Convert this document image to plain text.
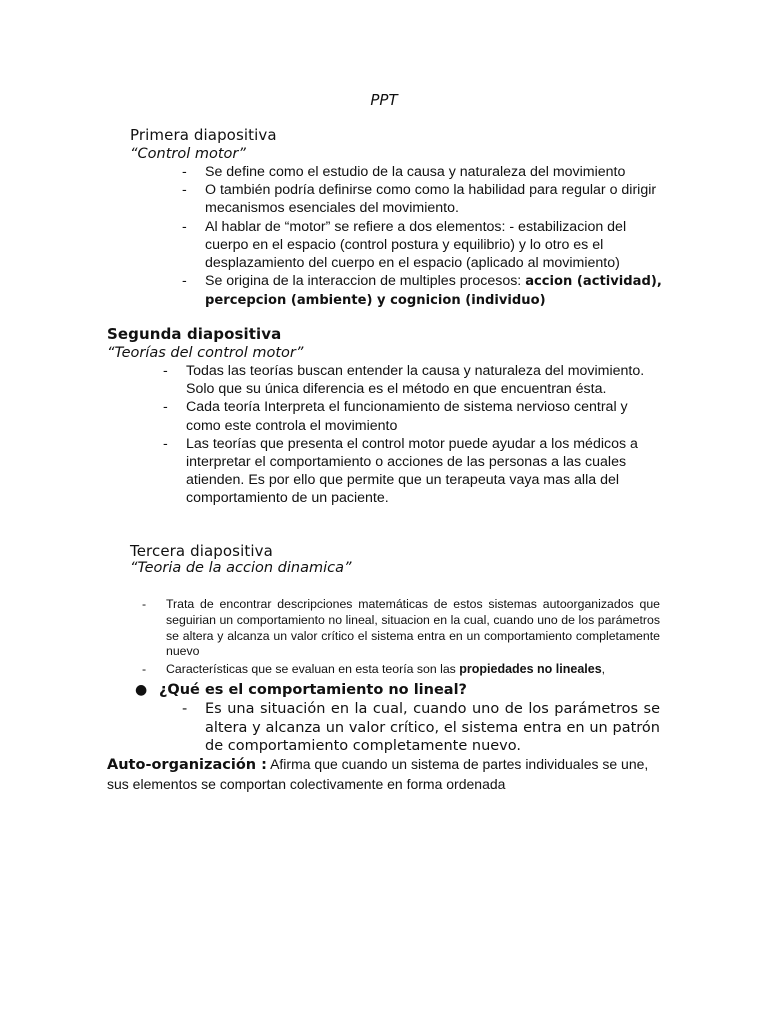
PPT
Primera diapositiva
“Control motor”
- Se define como el estudio de la causa y naturaleza del movimiento
- O también podría definirse como como la habilidad para regular o dirigir mecanismos esenciales del movimiento.
- Al hablar de “motor” se refiere a dos elementos: - estabilizacion del cuerpo en el espacio (control postura y equilibrio) y lo otro es el desplazamiento del cuerpo en el espacio (aplicado al movimiento)
- Se origina de la interaccion de multiples procesos: accion (actividad), percepcion (ambiente) y cognicion (individuo)
Segunda diapositiva
“Teorías del control motor”
- Todas las teorías buscan entender la causa y naturaleza del movimiento. Solo que su única diferencia es el método en que encuentran ésta.
- Cada teoría Interpreta el funcionamiento de sistema nervioso central y como este controla el movimiento
- Las teorías que presenta el control motor puede ayudar a los médicos a interpretar el comportamiento o acciones de las personas a las cuales atienden. Es por ello que permite que un terapeuta vaya mas alla del comportamiento de un paciente.
Tercera diapositiva
“Teoria de la accion dinamica”
- Trata de encontrar descripciones matemáticas de estos sistemas autoorganizados que seguirian un comportamiento no lineal, situacion en la cual, cuando uno de los parámetros se altera y alcanza un valor crítico el sistema entra en un comportamiento completamente nuevo
- Características que se evaluan en esta teoría son las propiedades no lineales,
● ¿Qué es el comportamiento no lineal?
- Es una situación en la cual, cuando uno de los parámetros se altera y alcanza un valor crítico, el sistema entra en un patrón de comportamiento completamente nuevo.
Auto-organización : Afirma que cuando un sistema de partes individuales se une, sus elementos se comportan colectivamente en forma ordenada
